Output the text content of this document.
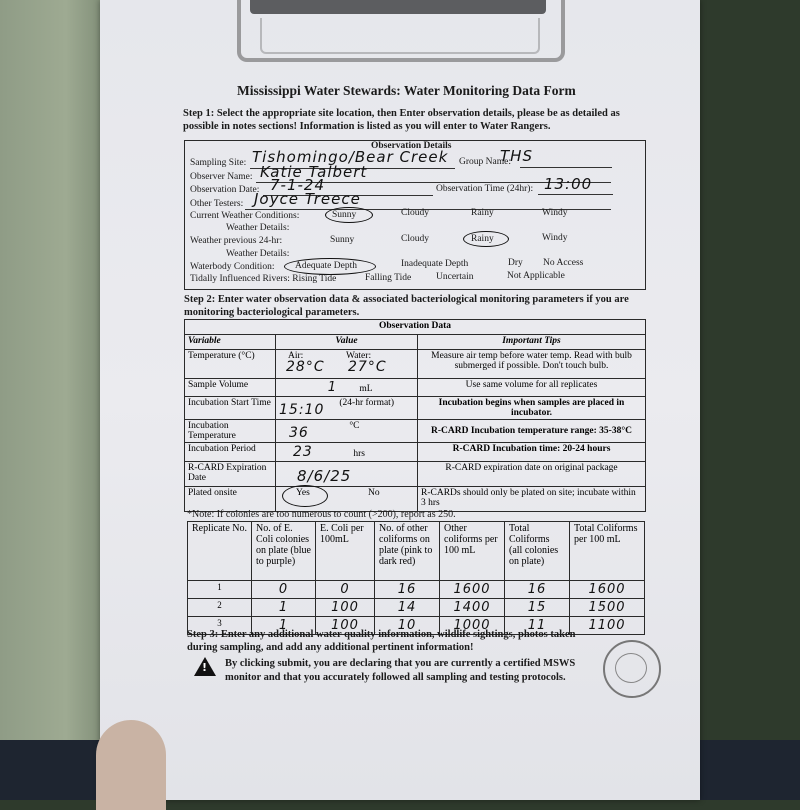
Mississippi Water Stewards: Water Monitoring Data Form
Step 1: Select the appropriate site location, then Enter observation details, please be as detailed as
possible in notes sections! Information is listed as you will enter to Water Rangers.
Observation Details
Sampling Site: Tishomingo/Bear Creek Group Name:
THS
Observer Name: Katie Talbert
Observation Date: 7-1-24	Observation Time (24hr): 13:00
Other Testers: Joyce Treece
Current Weather Conditions:	Sunny	Cloudy	Rainy	Windy
Weather Details:
Weather previous 24-hr:	Sunny	Cloudy	Rainy	Windy
Weather Details:
Waterbody Condition: Adequate Depth	Inadequate Depth	Dry No Access
Tidally Influenced Rivers: Rising Tide	Falling Tide	Uncertain	Not Applicable
Step 2: Enter water observation data & associated bacteriological monitoring parameters if you are
monitoring bacteriological parameters.
Observation Data		
Variable	Value	Important Tips
Temperature (°C)	Air: Water:
28°C 27°C	Measure air temp before water temp. Read with bulb submerged if possible. Don't touch bulb.
Sample Volume	1 mL	Use same volume for all replicates
Incubation Start Time	15:10 (24-hr format)	Incubation begins when samples are placed in incubator.
Incubation Temperature	36 °C	R-CARD Incubation temperature range: 35-38°C
Incubation Period	23 hrs	R-CARD Incubation time: 20-24 hours
R-CARD Expiration Date	8/6/25	R-CARD expiration date on original package
Plated onsite	Yes No	R-CARDs should only be plated on site; incubate within 3 hrs
*Note: If colonies are too numerous to count (>200), report as 250.
Replicate No.	No. of E. Coli colonies on plate (blue to purple)	E. Coli per 100mL	No. of other coliforms on plate (pink to dark red)	Other coliforms per 100 mL	Total Coliforms (all colonies on plate)	Total Coliforms per 100 mL
1	0	0	16	1600	16	1600
2	1	100	14	1400	15	1500
3	1	100	10	1000	11	1100
Step 3: Enter any additional water quality information, wildlife sightings, photos taken
during sampling, and add any additional pertinent information!
! By clicking submit, you are declaring that you are currently a certified MSWS
monitor and that you accurately followed all sampling and testing protocols.
